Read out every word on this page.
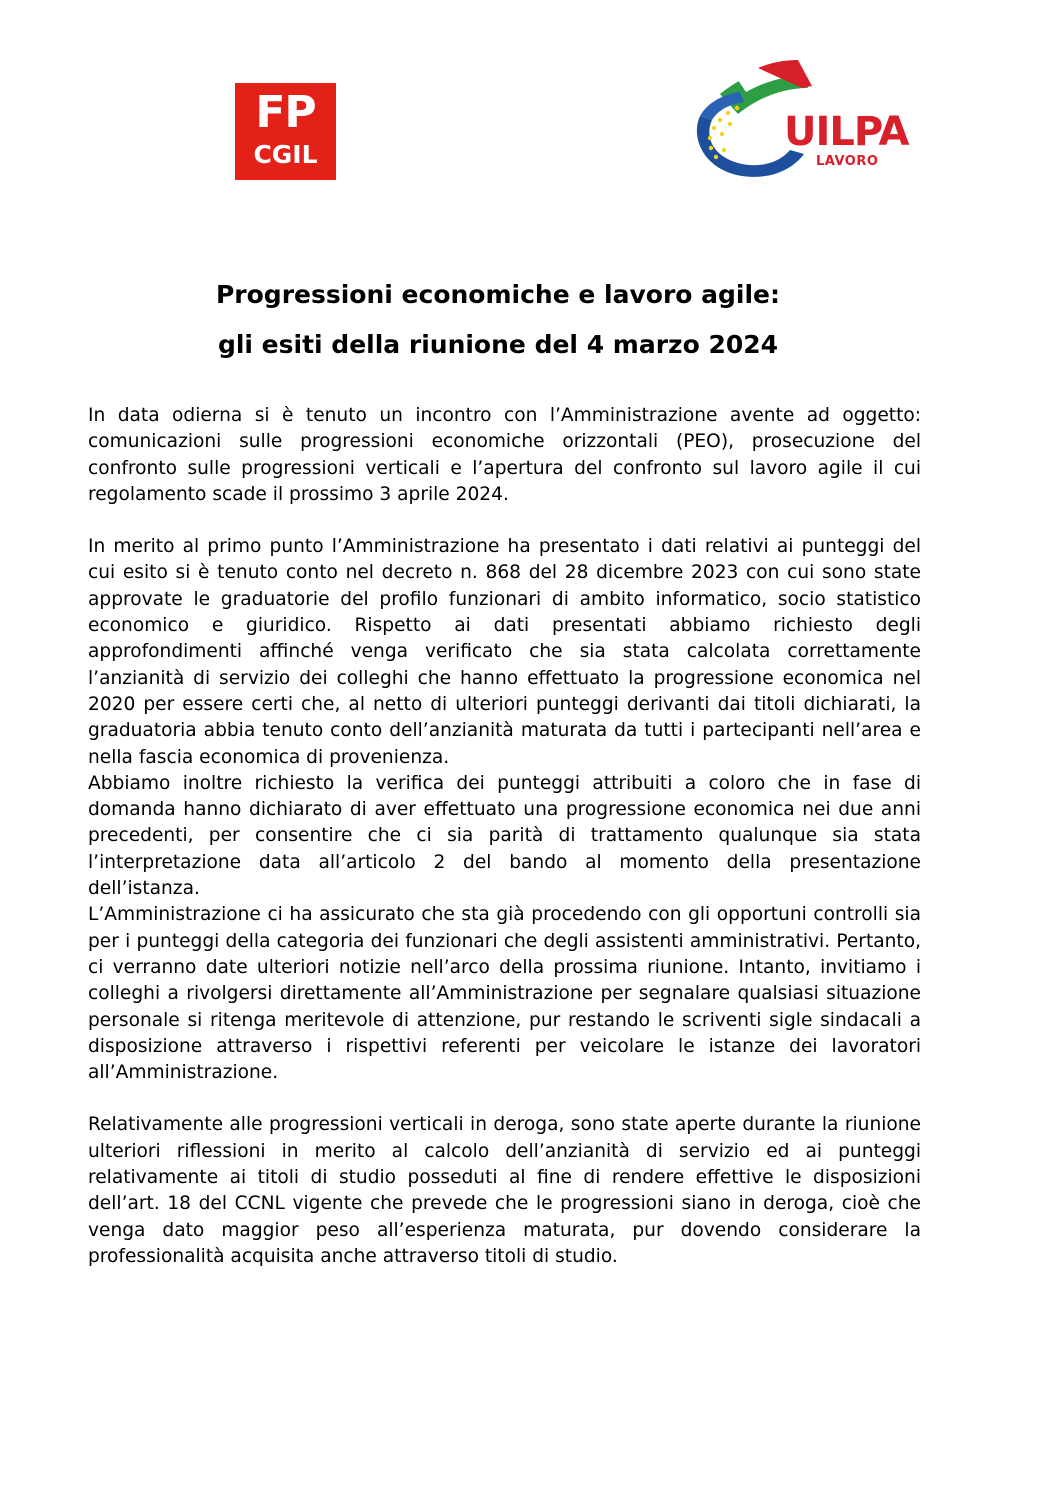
FP
CGIL	UILPA
LAVORO
Progressioni economiche e lavoro agile:
gli esiti della riunione del 4 marzo 2024

In data odierna si è tenuto un incontro con l’Amministrazione avente ad oggetto: comunicazioni sulle progressioni economiche orizzontali (PEO), prosecuzione del confronto sulle progressioni verticali e l’apertura del confronto sul lavoro agile il cui regolamento scade il prossimo 3 aprile 2024.

In merito al primo punto l’Amministrazione ha presentato i dati relativi ai punteggi del cui esito si è tenuto conto nel decreto n. 868 del 28 dicembre 2023 con cui sono state approvate le graduatorie del profilo funzionari di ambito informatico, socio statistico economico e giuridico. Rispetto ai dati presentati abbiamo richiesto degli approfondimenti affinché venga verificato che sia stata calcolata correttamente l’anzianità di servizio dei colleghi che hanno effettuato la progressione economica nel 2020 per essere certi che, al netto di ulteriori punteggi derivanti dai titoli dichiarati, la graduatoria abbia tenuto conto dell’anzianità maturata da tutti i partecipanti nell’area e nella fascia economica di provenienza.

Abbiamo inoltre richiesto la verifica dei punteggi attribuiti a coloro che in fase di domanda hanno dichiarato di aver effettuato una progressione economica nei due anni precedenti, per consentire che ci sia parità di trattamento qualunque sia stata l’interpretazione data all’articolo 2 del bando al momento della presentazione dell’istanza.

L’Amministrazione ci ha assicurato che sta già procedendo con gli opportuni controlli sia per i punteggi della categoria dei funzionari che degli assistenti amministrativi. Pertanto, ci verranno date ulteriori notizie nell’arco della prossima riunione. Intanto, invitiamo i colleghi a rivolgersi direttamente all’Amministrazione per segnalare qualsiasi situazione personale si ritenga meritevole di attenzione, pur restando le scriventi sigle sindacali a disposizione attraverso i rispettivi referenti per veicolare le istanze dei lavoratori all’Amministrazione.

Relativamente alle progressioni verticali in deroga, sono state aperte durante la riunione ulteriori riflessioni in merito al calcolo dell’anzianità di servizio ed ai punteggi relativamente ai titoli di studio posseduti al fine di rendere effettive le disposizioni dell’art. 18 del CCNL vigente che prevede che le progressioni siano in deroga, cioè che venga dato maggior peso all’esperienza maturata, pur dovendo considerare la professionalità acquisita anche attraverso titoli di studio.
